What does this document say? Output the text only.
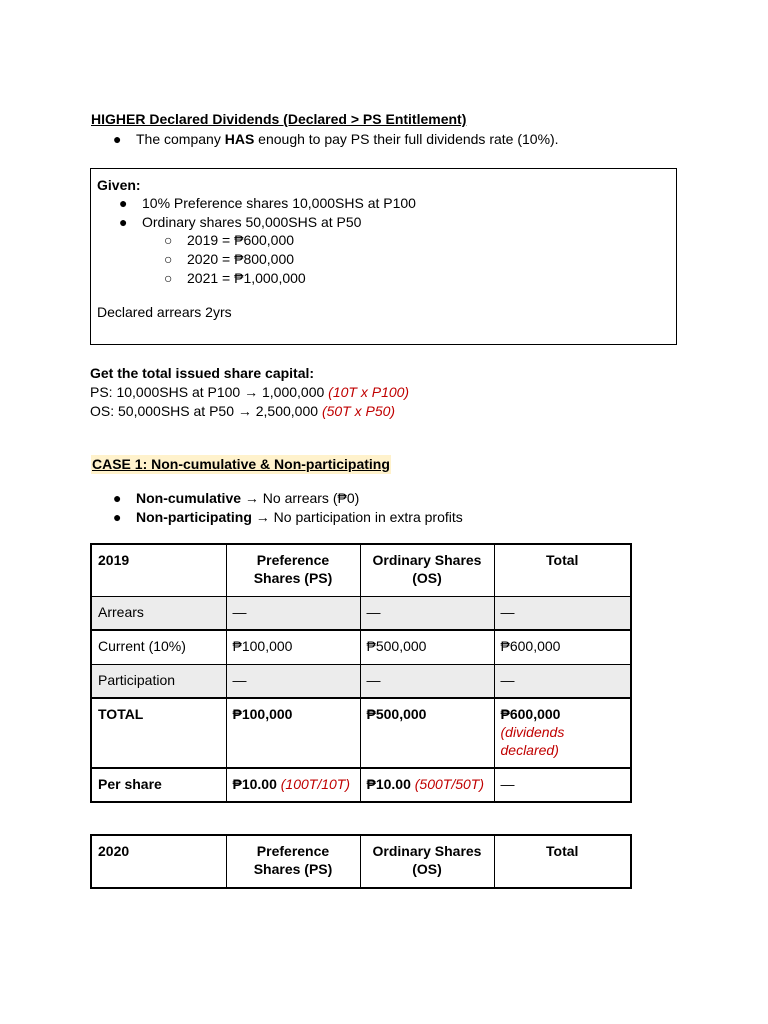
HIGHER Declared Dividends (Declared > PS Entitlement)
● The company HAS enough to pay PS their full dividends rate (10%).
Given:
● 10% Preference shares 10,000SHS at P100
● Ordinary shares 50,000SHS at P50
○ 2019 = ₱600,000
○ 2020 = ₱800,000
○ 2021 = ₱1,000,000
Declared arrears 2yrs
Get the total issued share capital:
PS: 10,000SHS at P100 → 1,000,000 (10T x P100)
OS: 50,000SHS at P50 → 2,500,000 (50T x P50)
CASE 1: Non-cumulative & Non-participating
● Non-cumulative → No arrears (₱0)
● Non-participating → No participation in extra profits
2019	Preference Shares (PS)	Ordinary Shares (OS)	Total
Arrears	—	—	—
Current (10%)	₱100,000	₱500,000	₱600,000
Participation	—	—	—
TOTAL	₱100,000	₱500,000	₱600,000
(dividends declared)

Per share	₱10.00 (100T/10T)	₱10.00 (500T/50T)	—
2020	Preference Shares (PS)	Ordinary Shares (OS)	Total
